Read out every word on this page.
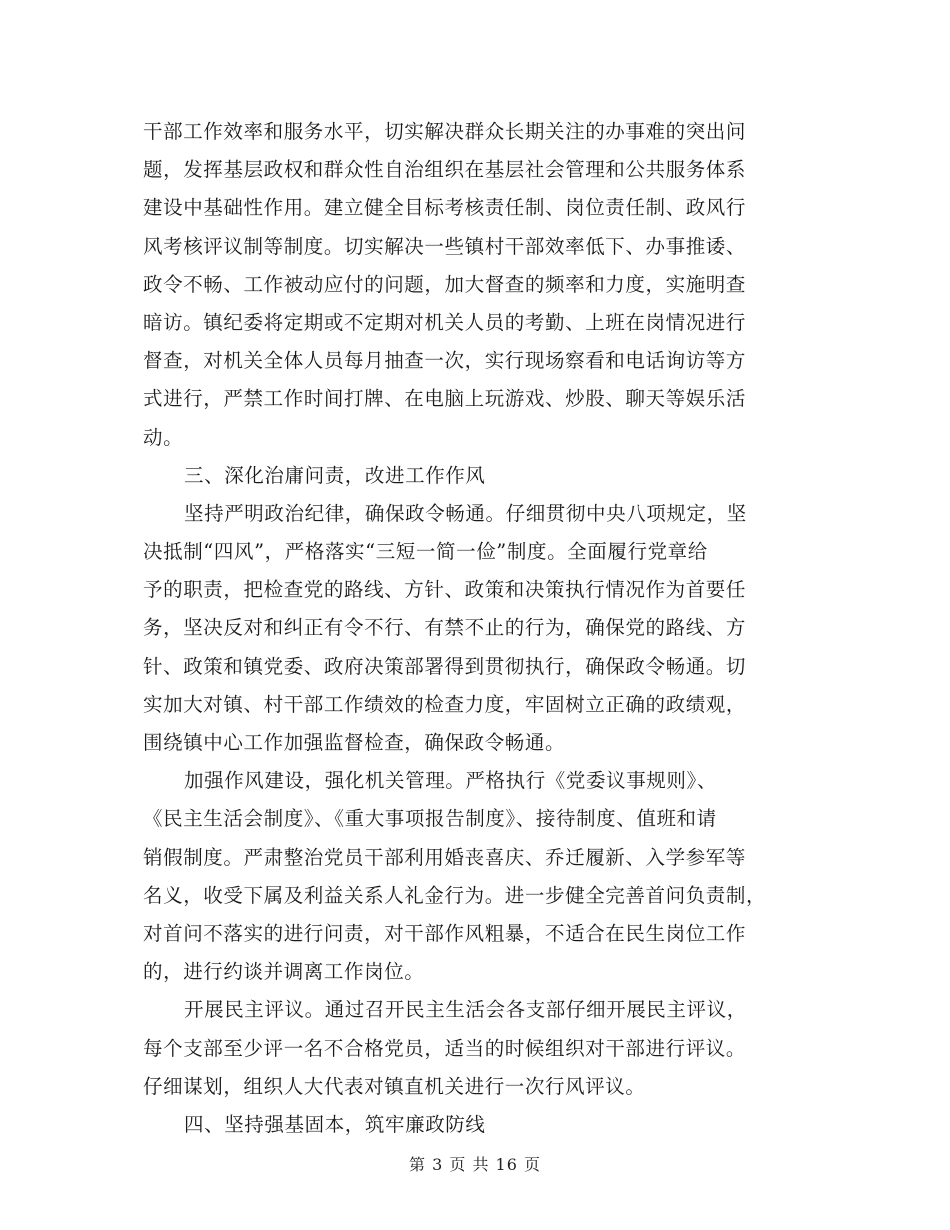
干部工作效率和服务水平，切实解决群众长期关注的办事难的突出问
题，发挥基层政权和群众性自治组织在基层社会管理和公共服务体系
建设中基础性作用。建立健全目标考核责任制、岗位责任制、政风行
风考核评议制等制度。切实解决一些镇村干部效率低下、办事推诿、
政令不畅、工作被动应付的问题，加大督查的频率和力度，实施明查
暗访。镇纪委将定期或不定期对机关人员的考勤、上班在岗情况进行
督查，对机关全体人员每月抽查一次，实行现场察看和电话询访等方
式进行，严禁工作时间打牌、在电脑上玩游戏、炒股、聊天等娱乐活
动。
三、深化治庸问责，改进工作作风
坚持严明政治纪律，确保政令畅通。仔细贯彻中央八项规定，坚
决抵制“四风”，严格落实“三短一简一俭”制度。全面履行党章给
予的职责，把检查党的路线、方针、政策和决策执行情况作为首要任
务，坚决反对和纠正有令不行、有禁不止的行为，确保党的路线、方
针、政策和镇党委、政府决策部署得到贯彻执行，确保政令畅通。切
实加大对镇、村干部工作绩效的检查力度，牢固树立正确的政绩观，
围绕镇中心工作加强监督检查，确保政令畅通。
加强作风建设，强化机关管理。严格执行《党委议事规则》、
《民主生活会制度》、《重大事项报告制度》、接待制度、值班和请
销假制度。严肃整治党员干部利用婚丧喜庆、乔迁履新、入学参军等
名义，收受下属及利益关系人礼金行为。进一步健全完善首问负责制，
对首问不落实的进行问责，对干部作风粗暴，不适合在民生岗位工作
的，进行约谈并调离工作岗位。
开展民主评议。通过召开民主生活会各支部仔细开展民主评议，
每个支部至少评一名不合格党员，适当的时候组织对干部进行评议。
仔细谋划，组织人大代表对镇直机关进行一次行风评议。
四、坚持强基固本，筑牢廉政防线
第 3 页 共 16 页
